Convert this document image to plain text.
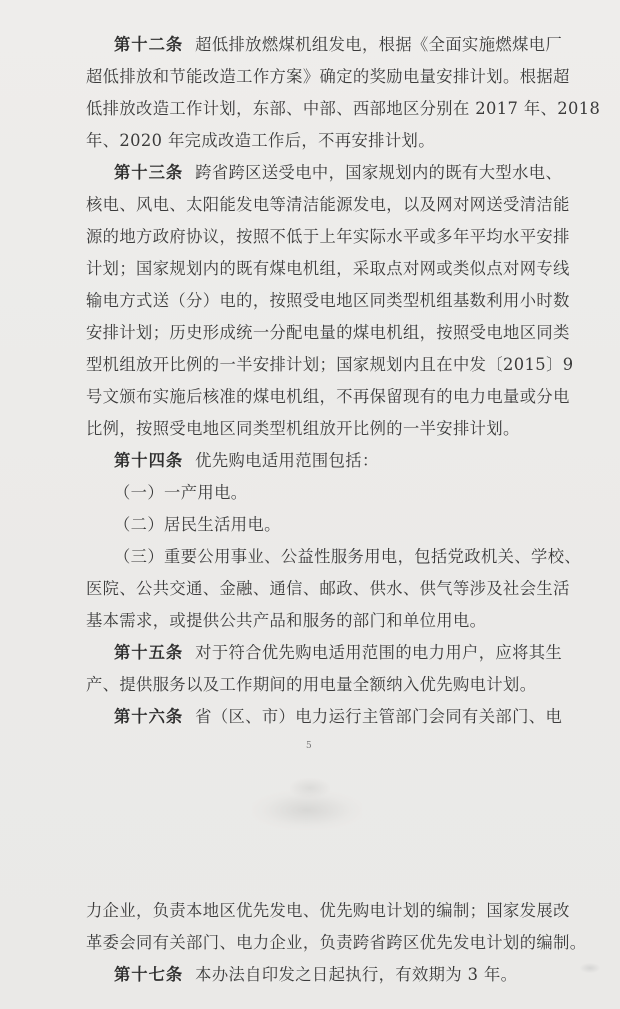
第十二条 超低排放燃煤机组发电，根据《全面实施燃煤电厂
超低排放和节能改造工作方案》确定的奖励电量安排计划。根据超
低排放改造工作计划，东部、中部、西部地区分别在 2017 年、2018
年、2020 年完成改造工作后，不再安排计划。
第十三条 跨省跨区送受电中，国家规划内的既有大型水电、
核电、风电、太阳能发电等清洁能源发电，以及网对网送受清洁能
源的地方政府协议，按照不低于上年实际水平或多年平均水平安排
计划；国家规划内的既有煤电机组，采取点对网或类似点对网专线
输电方式送（分）电的，按照受电地区同类型机组基数利用小时数
安排计划；历史形成统一分配电量的煤电机组，按照受电地区同类
型机组放开比例的一半安排计划；国家规划内且在中发〔2015〕9
号文颁布实施后核准的煤电机组，不再保留现有的电力电量或分电
比例，按照受电地区同类型机组放开比例的一半安排计划。
第十四条 优先购电适用范围包括：
（一）一产用电。
（二）居民生活用电。
（三）重要公用事业、公益性服务用电，包括党政机关、学校、
医院、公共交通、金融、通信、邮政、供水、供气等涉及社会生活
基本需求，或提供公共产品和服务的部门和单位用电。
第十五条 对于符合优先购电适用范围的电力用户，应将其生
产、提供服务以及工作期间的用电量全额纳入优先购电计划。
第十六条 省（区、市）电力运行主管部门会同有关部门、电
5
力企业，负责本地区优先发电、优先购电计划的编制；国家发展改
革委会同有关部门、电力企业，负责跨省跨区优先发电计划的编制。
第十七条 本办法自印发之日起执行，有效期为 3 年。
